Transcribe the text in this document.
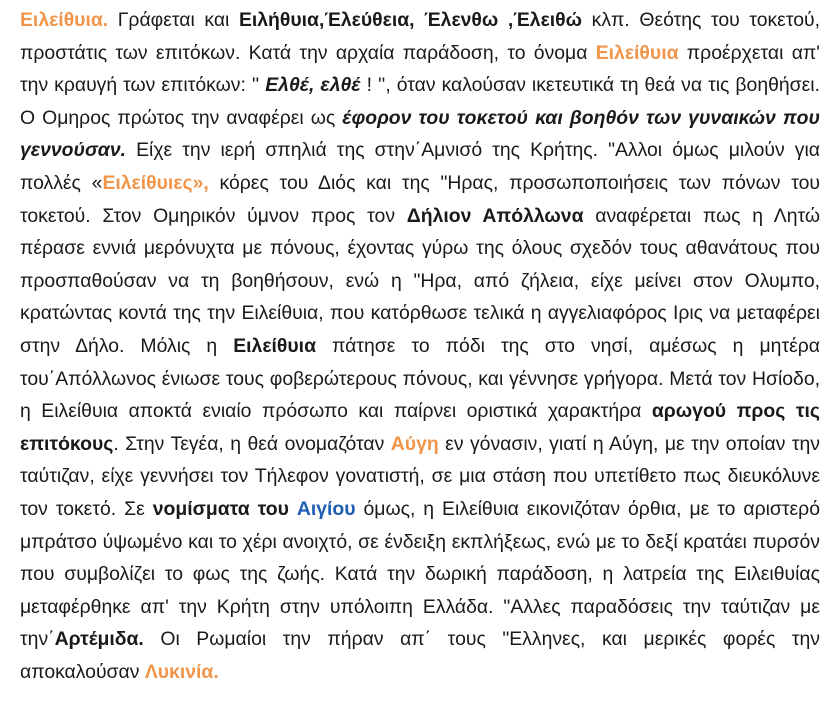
Ειλείθυια. Γράφεται και Ειλήθυια,Έλεύθεια, Έλενθω ,Έλειθώ κλπ. Θεότης του τοκετού, προστάτις των επιτόκων. Κατά την αρχαία παράδοση, το όνομα Ειλείθυια προέρχεται απ' την κραυγή των επιτόκων: '' Ελθέ, ελθέ ! '', όταν καλούσαν ικετευτικά τη θεά να τις βοηθήσει. Ο Ομηρος πρώτος την αναφέρει ως έφορον του τοκετού και βοηθόν των γυναικών που γεννούσαν. Είχε την ιερή σπηλιά της στην΄Αμνισό της Κρήτης. "Αλλοι όμως μιλούν για πολλές «Ειλείθυιες», κόρες του Διός και της "Ηρας, προσωποποιήσεις των πόνων του τοκετού. Στον Ομηρικόν ύμνον προς τον Δήλιον Απόλλωνα αναφέρεται πως η Λητώ πέρασε εννιά μερόνυχτα με πόνους, έχοντας γύρω της όλους σχεδόν τους αθανάτους που προσπαθούσαν να τη βοηθήσουν, ενώ η "Ηρα, από ζήλεια, είχε μείνει στον Ολυμπο, κρατώντας κοντά της την Ειλείθυια, που κατόρθωσε τελικά η αγγελιαφόρος Ιρις να μεταφέρει στην Δήλο. Μόλις η Ειλείθυια πάτησε το πόδι της στο νησί, αμέσως η μητέρα του΄Απόλλωνος ένιωσε τους φοβερώτερους πόνους, και γέννησε γρήγορα. Μετά τον Ησίοδο, η Ειλείθυια αποκτά ενιαίο πρόσωπο και παίρνει οριστικά χαρακτήρα αρωγού προς τις επιτόκους. Στην Τεγέα, η θεά ονομαζόταν Αύγη εν γόνασιν, γιατί η Αύγη, με την οποίαν την ταύτιζαν, είχε γεννήσει τον Τήλεφον γονατιστή, σε μια στάση που υπετίθετο πως διευκόλυνε τον τοκετό. Σε νομίσματα του Αιγίου όμως, η Ειλείθυια εικονιζόταν όρθια, με το αριστερό μπράτσο ύψωμένο και το χέρι ανοιχτό, σε ένδειξη εκπλήξεως, ενώ με το δεξί κρατάει πυρσόν που συμβολίζει το φως της ζωής. Κατά την δωρική παράδοση, η λατρεία της Ειλειθυίας μεταφέρθηκε απ' την Κρήτη στην υπόλοιπη Ελλάδα. "Αλλες παραδόσεις την ταύτιζαν με την΄Αρτέμιδα. Οι Ρωμαίοι την πήραν απ΄ τους "Ελληνες, και μερικές φορές την αποκαλούσαν Λυκινία.
